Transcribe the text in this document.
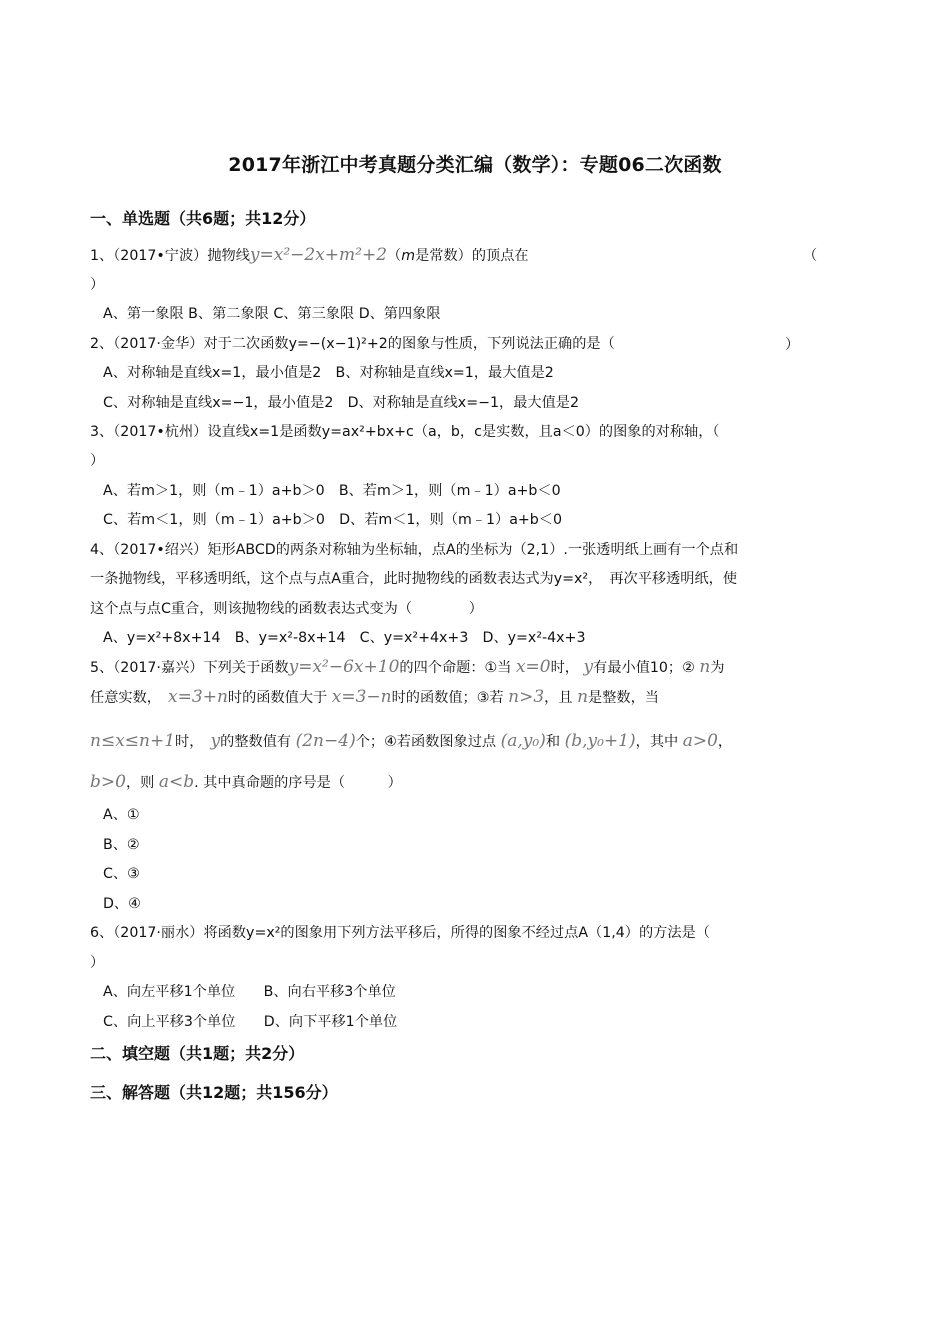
2017年浙江中考真题分类汇编（数学）：专题06二次函数
一、单选题（共6题；共12分）
1、（2017•宁波）抛物线y=x²−2x+m²+2（m是常数）的顶点在	（
）
A、第一象限 B、第二象限 C、第三象限 D、第四象限
2、（2017·金华）对于二次函数y=−(x−1)²+2的图象与性质，下列说法正确的是（	）
A、对称轴是直线x=1，最小值是2　B、对称轴是直线x=1，最大值是2
C、对称轴是直线x=−1，最小值是2　D、对称轴是直线x=−1，最大值是2
3、（2017•杭州）设直线x=1是函数y=ax²+bx+c（a，b，c是实数，且a＜0）的图象的对称轴，（
）
A、若m＞1，则（m﹣1）a+b＞0　B、若m＞1，则（m﹣1）a+b＜0
C、若m＜1，则（m﹣1）a+b＞0　D、若m＜1，则（m﹣1）a+b＜0
4、（2017•绍兴）矩形ABCD的两条对称轴为坐标轴，点A的坐标为（2,1）.一张透明纸上画有一个点和
一条抛物线，平移透明纸，这个点与点A重合，此时抛物线的函数表达式为y=x²，　再次平移透明纸，使
这个点与点C重合，则该抛物线的函数表达式变为（　　　　）
A、y=x²+8x+14　B、y=x²-8x+14　C、y=x²+4x+3　D、y=x²-4x+3
5、（2017·嘉兴）下列关于函数y=x²−6x+10的四个命题：①当 x=0时， y有最小值10；② n为
任意实数，　 x=3+n时的函数值大于 x=3−n时的函数值；③若 n>3，且 n是整数，当
n≤x≤n+1时，　 y的整数值有 (2n−4)个；④若函数图象过点 (a,y₀)和 (b,y₀+1)，其中 a>0，
b>0，则 a<b. 其中真命题的序号是（　　　）
A、①
B、②
C、③
D、④
6、（2017·丽水）将函数y=x²的图象用下列方法平移后，所得的图象不经过点A（1,4）的方法是（
）
A、向左平移1个单位　　B、向右平移3个单位
C、向上平移3个单位　　D、向下平移1个单位
二、填空题（共1题；共2分）
三、解答题（共12题；共156分）
